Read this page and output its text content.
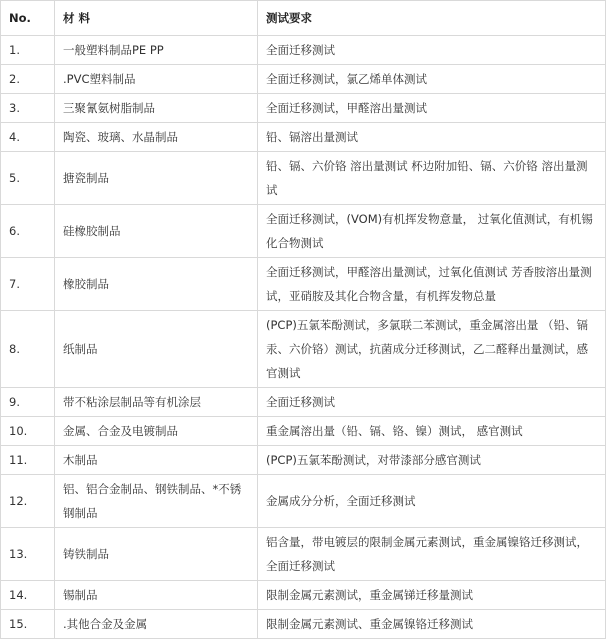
No.	材 料	测试要求
1.	一般塑料制品PE PP	全面迁移测试
2.	.PVC塑料制品	全面迁移测试，氯乙烯单体测试
3.	三聚氰氨树脂制品	全面迁移测试，甲醛溶出量测试
4.	陶瓷、玻璃、水晶制品	铅、镉溶出量测试
5.	搪瓷制品	铅、镉、六价铬 溶出量测试 杯边附加铅、镉、六价铬 溶出量测试
6.	硅橡胶制品	全面迁移测试，(VOM)有机挥发物意量， 过氧化值测试，有机锡化合物测试
7.	橡胶制品	全面迁移测试，甲醛溶出量测试，过氧化值测试 芳香胺溶出量测试，亚硝胺及其化合物含量，有机挥发物总量
8.	纸制品	(PCP)五氯苯酚测试，多氯联二苯测试，重金属溶出量 （铅、镉汞、六价铬）测试，抗菌成分迁移测试，乙二醛释出量测试，感官测试
9.	带不粘涂层制品等有机涂层	全面迁移测试
10.	金属、合金及电镀制品	重金属溶出量（铅、镉、铬、镍）测试， 感官测试
11.	木制品	(PCP)五氯苯酚测试，对带漆部分感官测试
12.	铝、铝合金制品、钢铁制品、*不锈钢制品	金属成分分析，全面迁移测试
13.	铸铁制品	铝含量，带电镀层的限制金属元素测试，重金属镍铬迁移测试，全面迁移测试
14.	锡制品	限制金属元素测试，重金属锑迁移量测试
15.	.其他合金及金属	限制金属元素测试、重金属镍铬迁移测试
